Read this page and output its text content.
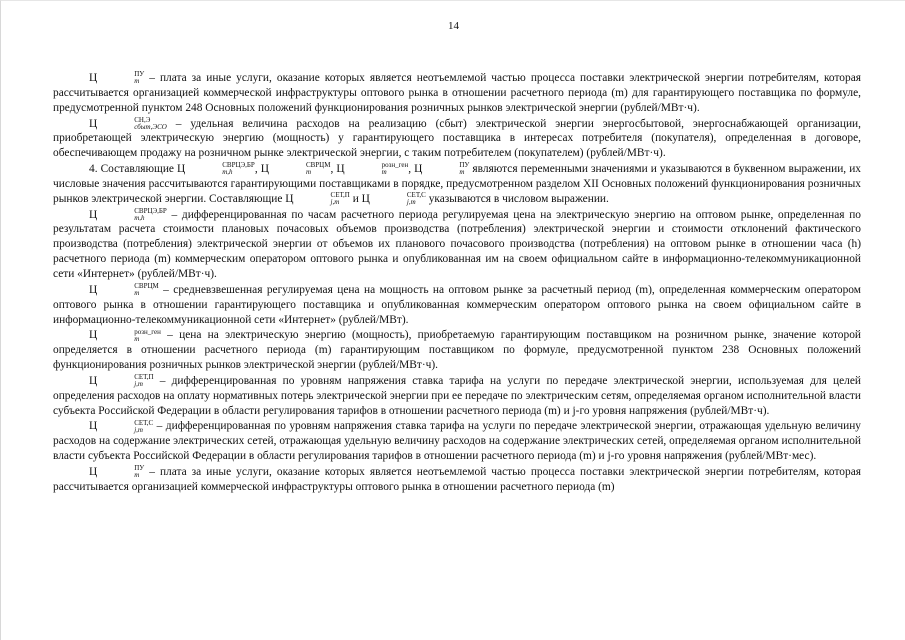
14

Ц	ПУ
m – плата за иные услуги, оказание которых является неотъемлемой частью процесса поставки электрической энергии потребителям, которая рассчитывается организацией коммерческой инфраструктуры оптового рынка в отношении расчетного периода (m) для гарантирующего поставщика по формуле, предусмотренной пунктом 248 Основных положений функционирования розничных рынков электрической энергии (рублей/МВт·ч).

Ц	СН,Э
сбыт,ЭСО – удельная величина расходов на реализацию (сбыт) электрической энергии энергосбытовой, энергоснабжающей организации, приобретающей электрическую энергию (мощность) у гарантирующего поставщика в интересах потребителя (покупателя), определенная в договоре, обеспечивающем продажу на розничном рынке электрической энергии, с таким потребителем (покупателем) (рублей/МВт·ч).

4. Составляющие Ц	СВРЦЭ,БР
m,h	, Ц	СВРЦМ
m	, Ц	розн_ген
m	, Ц	ПУ
m являются переменными значениями и указываются в буквенном выражении, их числовые значения рассчитываются гарантирующими поставщиками в порядке, предусмотренном разделом XII Основных положений функционирования розничных рынков электрической энергии. Составляющие Ц	СЕТ,П
j,m и Ц	СЕТ,С
j,m указываются в числовом выражении.

Ц	СВРЦЭ,БР
m,h	– дифференцированная по часам расчетного периода регулируемая цена на электрическую энергию на оптовом рынке, определенная по результатам расчета стоимости плановых почасовых объемов производства (потребления) электрической энергии и стоимости отклонений фактического производства (потребления) электрической энергии от объемов их планового почасового производства (потребления) на оптовом рынке в отношении часа (h) расчетного периода (m) коммерческим оператором оптового рынка и опубликованная им на своем официальном сайте в информационно-телекоммуникационной сети «Интернет» (рублей/МВт·ч).

Ц	СВРЦМ
m	– средневзвешенная регулируемая цена на мощность на оптовом рынке за расчетный период (m), определенная коммерческим оператором оптового рынка в отношении гарантирующего поставщика и опубликованная коммерческим оператором оптового рынка на своем официальном сайте в информационно-телекоммуникационной сети «Интернет» (рублей/МВт).

Ц	розн_ген
m	– цена на электрическую энергию (мощность), приобретаемую гарантирующим поставщиком на розничном рынке, значение которой определяется в отношении расчетного периода (m) гарантирующим поставщиком по формуле, предусмотренной пунктом 238 Основных положений функционирования розничных рынков электрической энергии (рублей/МВт·ч).

Ц	СЕТ,П
j,m – дифференцированная по уровням напряжения ставка тарифа на услуги по передаче электрической энергии, используемая для целей определения расходов на оплату нормативных потерь электрической энергии при ее передаче по электрическим сетям, определяемая органом исполнительной власти субъекта Российской Федерации в области регулирования тарифов в отношении расчетного периода (m) и j-го уровня напряжения (рублей/МВт·ч).

Ц	СЕТ,С
j,m – дифференцированная по уровням напряжения ставка тарифа на услуги по передаче электрической энергии, отражающая удельную величину расходов на содержание электрических сетей, отражающая удельную величину расходов на содержание электрических сетей, определяемая органом исполнительной власти субъекта Российской Федерации в области регулирования тарифов в отношении расчетного периода (m) и j-го уровня напряжения (рублей/МВт·мес).

Ц	ПУ
m – плата за иные услуги, оказание которых является неотъемлемой частью процесса поставки электрической энергии потребителям, которая рассчитывается организацией коммерческой инфраструктуры оптового рынка в отношении расчетного периода (m)
